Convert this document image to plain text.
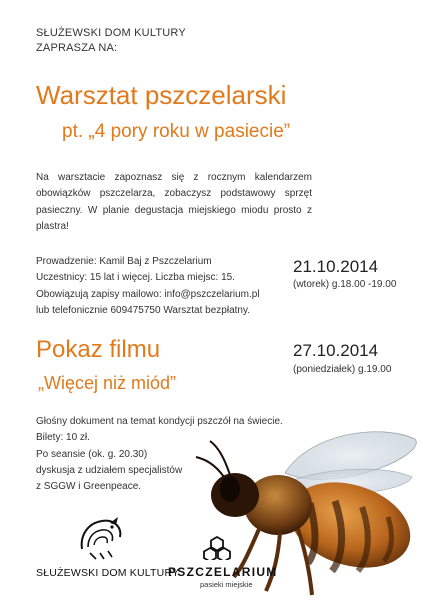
SŁUŻEWSKI DOM KULTURY
ZAPRASZA NA:
Warsztat pszczelarski
pt. „4 pory roku w pasiecie”
Na warsztacie zapoznasz się z rocznym kalendarzem obowiązków pszczelarza, zobaczysz podstawowy sprzęt pasieczny. W planie degustacja miejskiego miodu prosto z plastra!
Prowadzenie: Kamil Baj z Pszczelarium
Uczestnicy: 15 lat i więcej. Liczba miejsc: 15.
Obowiązują zapisy mailowo: info@pszczelarium.pl
lub telefonicznie 609475750 Warsztat bezpłatny.
21.10.2014
(wtorek) g.18.00 -19.00
Pokaz filmu
„Więcej niż miód”
27.10.2014
(poniedziałek) g.19.00
Głośny dokument na temat kondycji pszczół na świecie.
Bilety: 10 zł.
Po seansie (ok. g. 20.30)
dyskusja z udziałem specjalistów
z SGGW i Greenpeace.
SŁUŻEWSKI DOM KULTURY
PSZCZELARIUM
pasieki miejskie
